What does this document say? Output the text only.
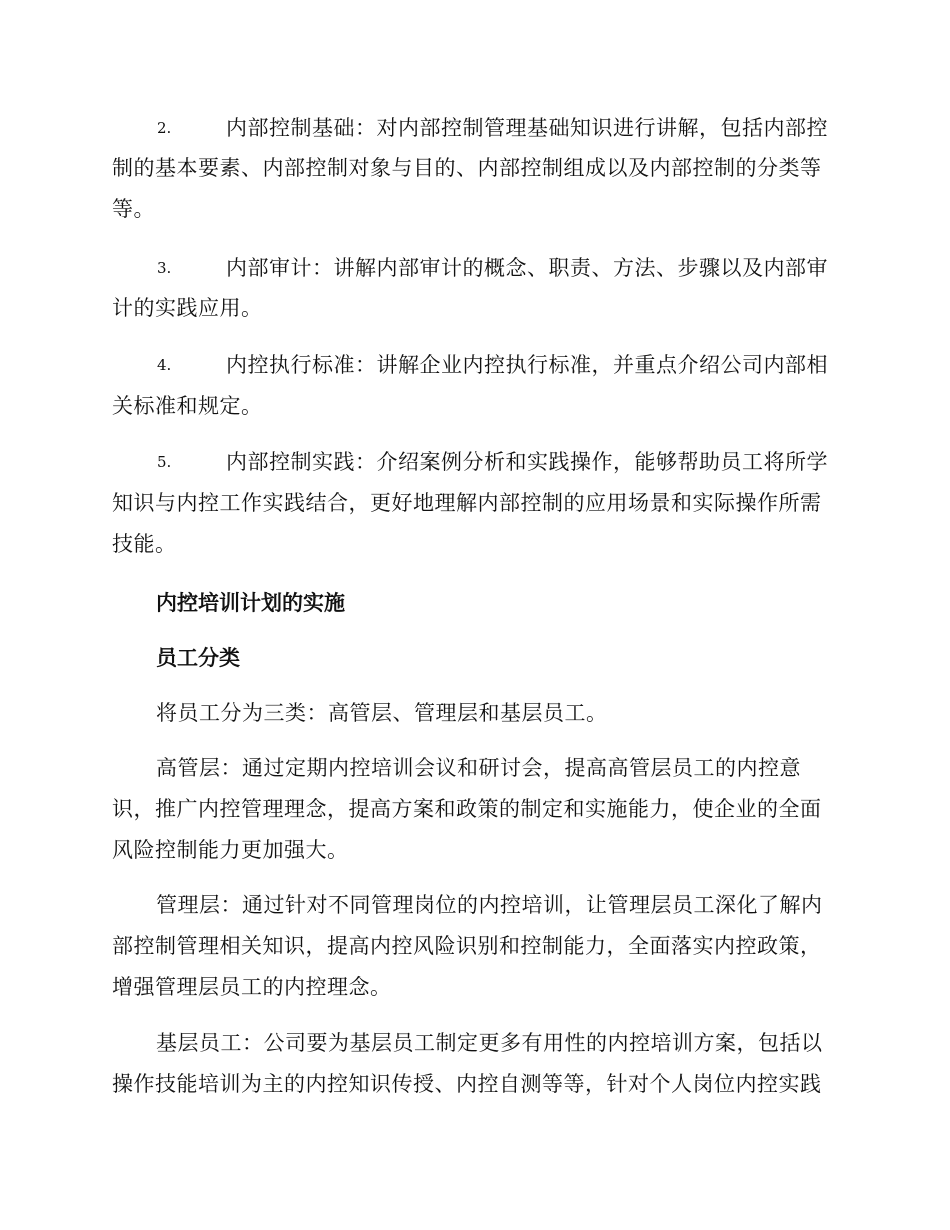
2.	内部控制基础：对内部控制管理基础知识进行讲解，包括内部控
制的基本要素、内部控制对象与目的、内部控制组成以及内部控制的分类等
等。
3.	内部审计：讲解内部审计的概念、职责、方法、步骤以及内部审
计的实践应用。
4.	内控执行标准：讲解企业内控执行标准，并重点介绍公司内部相
关标准和规定。
5.	内部控制实践：介绍案例分析和实践操作，能够帮助员工将所学
知识与内控工作实践结合，更好地理解内部控制的应用场景和实际操作所需
技能。
内控培训计划的实施
员工分类
将员工分为三类：高管层、管理层和基层员工。
高管层：通过定期内控培训会议和研讨会，提高高管层员工的内控意
识，推广内控管理理念，提高方案和政策的制定和实施能力，使企业的全面
风险控制能力更加强大。
管理层：通过针对不同管理岗位的内控培训，让管理层员工深化了解内
部控制管理相关知识，提高内控风险识别和控制能力，全面落实内控政策，
增强管理层员工的内控理念。
基层员工：公司要为基层员工制定更多有用性的内控培训方案，包括以
操作技能培训为主的内控知识传授、内控自测等等，针对个人岗位内控实践
